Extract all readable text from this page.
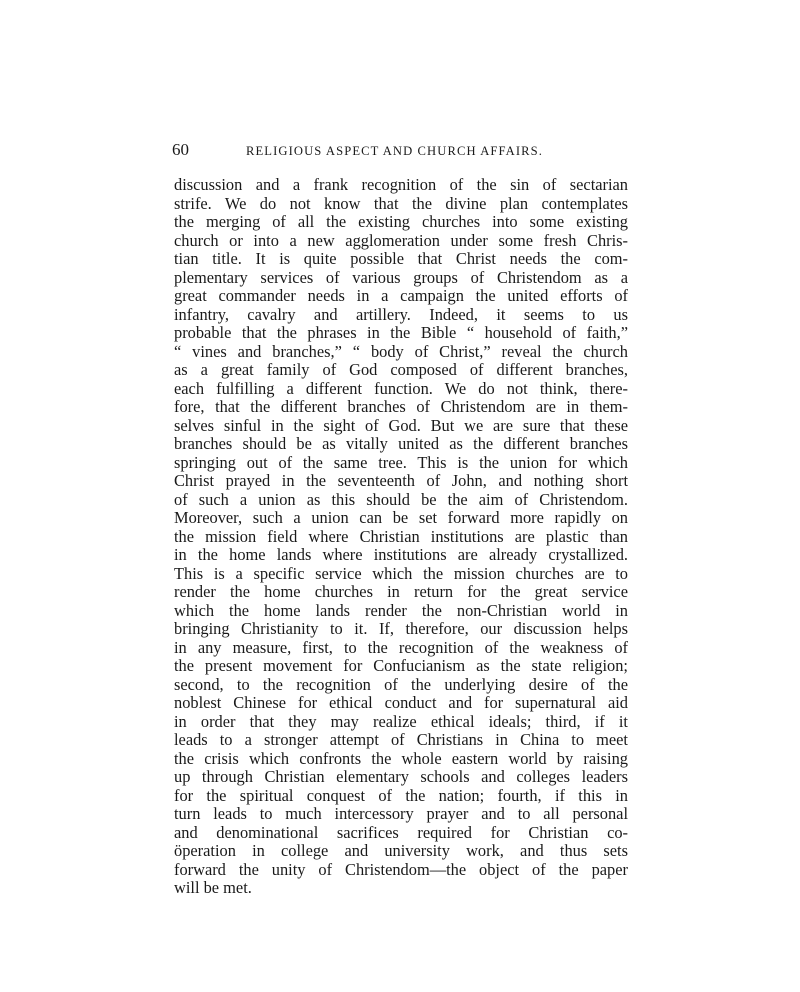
60	RELIGIOUS ASPECT AND CHURCH AFFAIRS.
discussion and a frank recognition of the sin of sectarian
strife. We do not know that the divine plan contemplates
the merging of all the existing churches into some existing
church or into a new agglomeration under some fresh Chris-
tian title. It is quite possible that Christ needs the com-
plementary services of various groups of Christendom as a
great commander needs in a campaign the united efforts of
infantry, cavalry and artillery. Indeed, it seems to us
probable that the phrases in the Bible “ household of faith,”
“ vines and branches,” “ body of Christ,” reveal the church
as a great family of God composed of different branches,
each fulfilling a different function. We do not think, there-
fore, that the different branches of Christendom are in them-
selves sinful in the sight of God. But we are sure that these
branches should be as vitally united as the different branches
springing out of the same tree. This is the union for which
Christ prayed in the seventeenth of John, and nothing short
of such a union as this should be the aim of Christendom.
Moreover, such a union can be set forward more rapidly on
the mission field where Christian institutions are plastic than
in the home lands where institutions are already crystallized.
This is a specific service which the mission churches are to
render the home churches in return for the great service
which the home lands render the non-Christian world in
bringing Christianity to it. If, therefore, our discussion helps
in any measure, first, to the recognition of the weakness of
the present movement for Confucianism as the state religion;
second, to the recognition of the underlying desire of the
noblest Chinese for ethical conduct and for supernatural aid
in order that they may realize ethical ideals; third, if it
leads to a stronger attempt of Christians in China to meet
the crisis which confronts the whole eastern world by raising
up through Christian elementary schools and colleges leaders
for the spiritual conquest of the nation; fourth, if this in
turn leads to much intercessory prayer and to all personal
and denominational sacrifices required for Christian co-
öperation in college and university work, and thus sets
forward the unity of Christendom—the object of the paper
will be met.
